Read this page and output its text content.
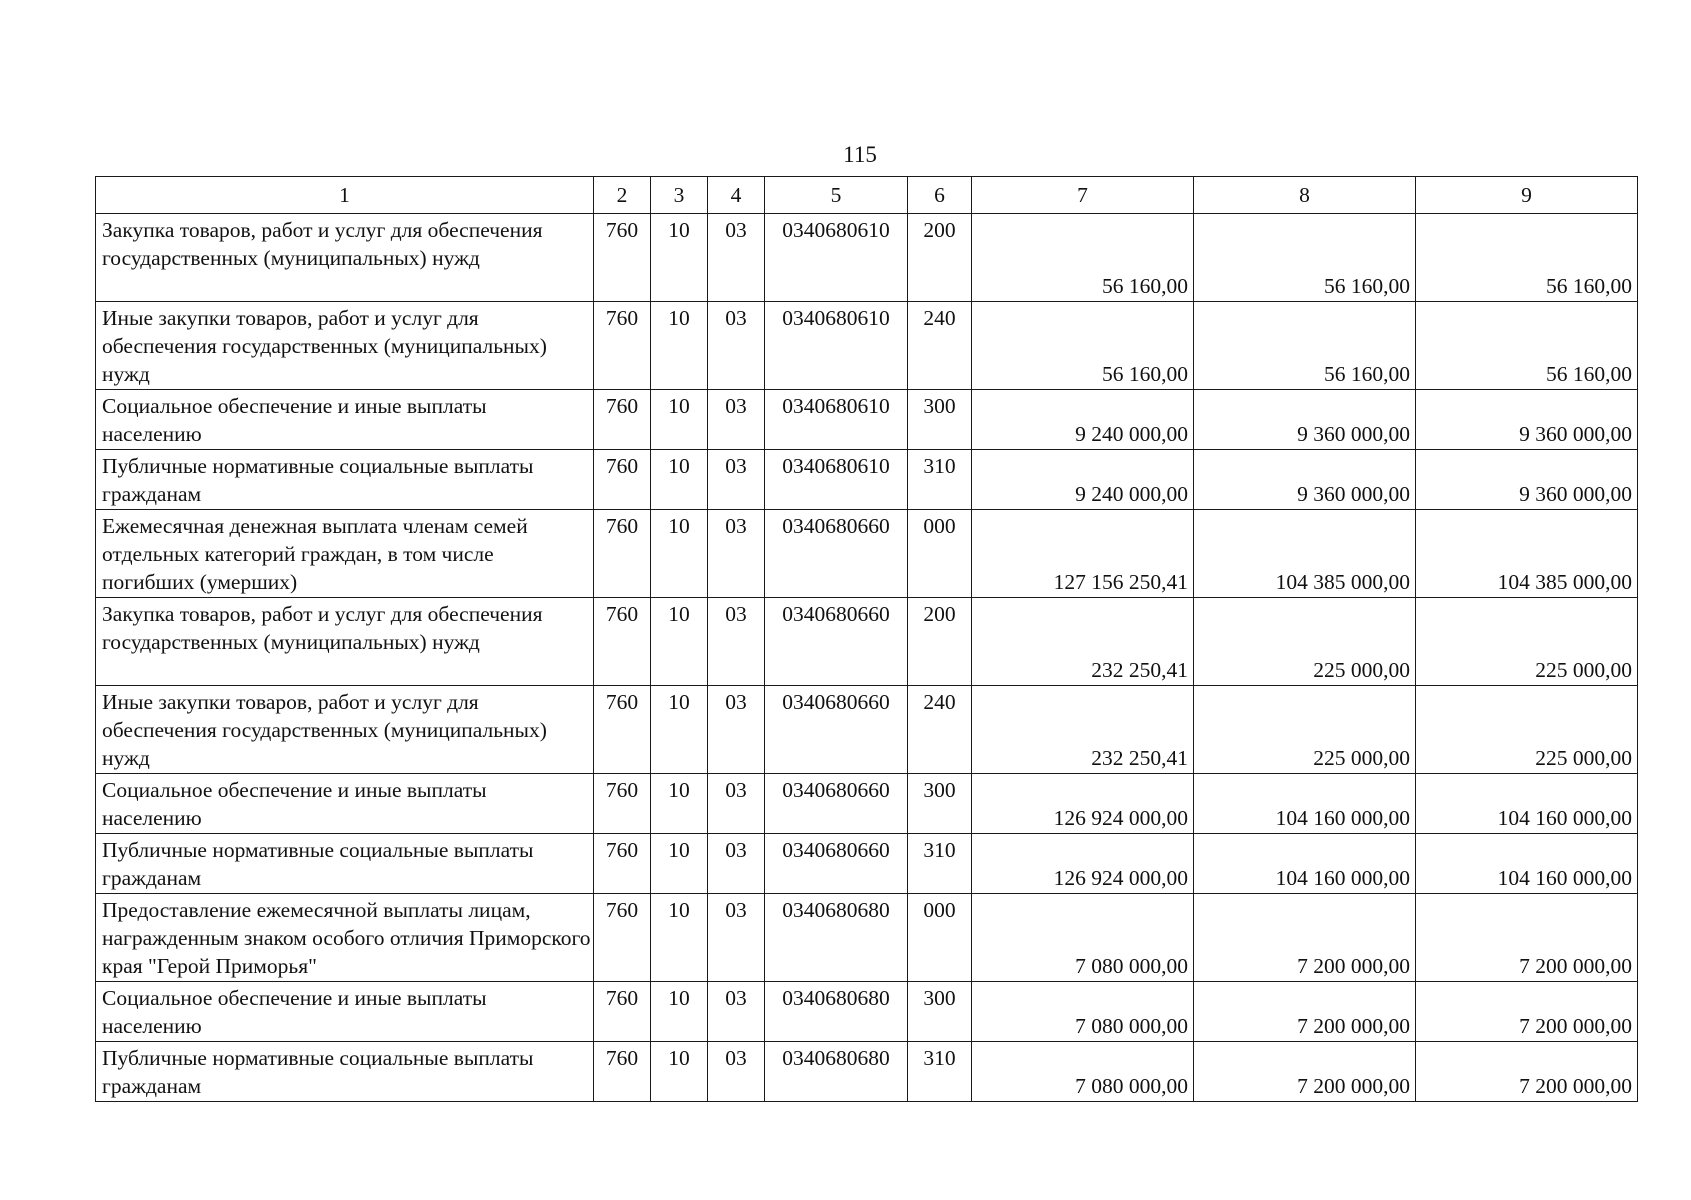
115
1	2	3	4	5	6	7	8	9
Закупка товаров, работ и услуг для обеспечения государственных (муниципальных) нужд	760	10	03	0340680610	200	56 160,00	56 160,00	56 160,00
Иные закупки товаров, работ и услуг для обеспечения государственных (муниципальных) нужд	760	10	03	0340680610	240	56 160,00	56 160,00	56 160,00
Социальное обеспечение и иные выплаты населению	760	10	03	0340680610	300	9 240 000,00	9 360 000,00	9 360 000,00
Публичные нормативные социальные выплаты гражданам	760	10	03	0340680610	310	9 240 000,00	9 360 000,00	9 360 000,00
Ежемесячная денежная выплата членам семей отдельных категорий граждан, в том числе погибших (умерших)	760	10	03	0340680660	000	127 156 250,41	104 385 000,00	104 385 000,00
Закупка товаров, работ и услуг для обеспечения государственных (муниципальных) нужд	760	10	03	0340680660	200	232 250,41	225 000,00	225 000,00
Иные закупки товаров, работ и услуг для обеспечения государственных (муниципальных) нужд	760	10	03	0340680660	240	232 250,41	225 000,00	225 000,00
Социальное обеспечение и иные выплаты населению	760	10	03	0340680660	300	126 924 000,00	104 160 000,00	104 160 000,00
Публичные нормативные социальные выплаты гражданам	760	10	03	0340680660	310	126 924 000,00	104 160 000,00	104 160 000,00
Предоставление ежемесячной выплаты лицам, награжденным знаком особого отличия Приморского края "Герой Приморья"	760	10	03	0340680680	000	7 080 000,00	7 200 000,00	7 200 000,00
Социальное обеспечение и иные выплаты населению	760	10	03	0340680680	300	7 080 000,00	7 200 000,00	7 200 000,00
Публичные нормативные социальные выплаты гражданам	760	10	03	0340680680	310	7 080 000,00	7 200 000,00	7 200 000,00
